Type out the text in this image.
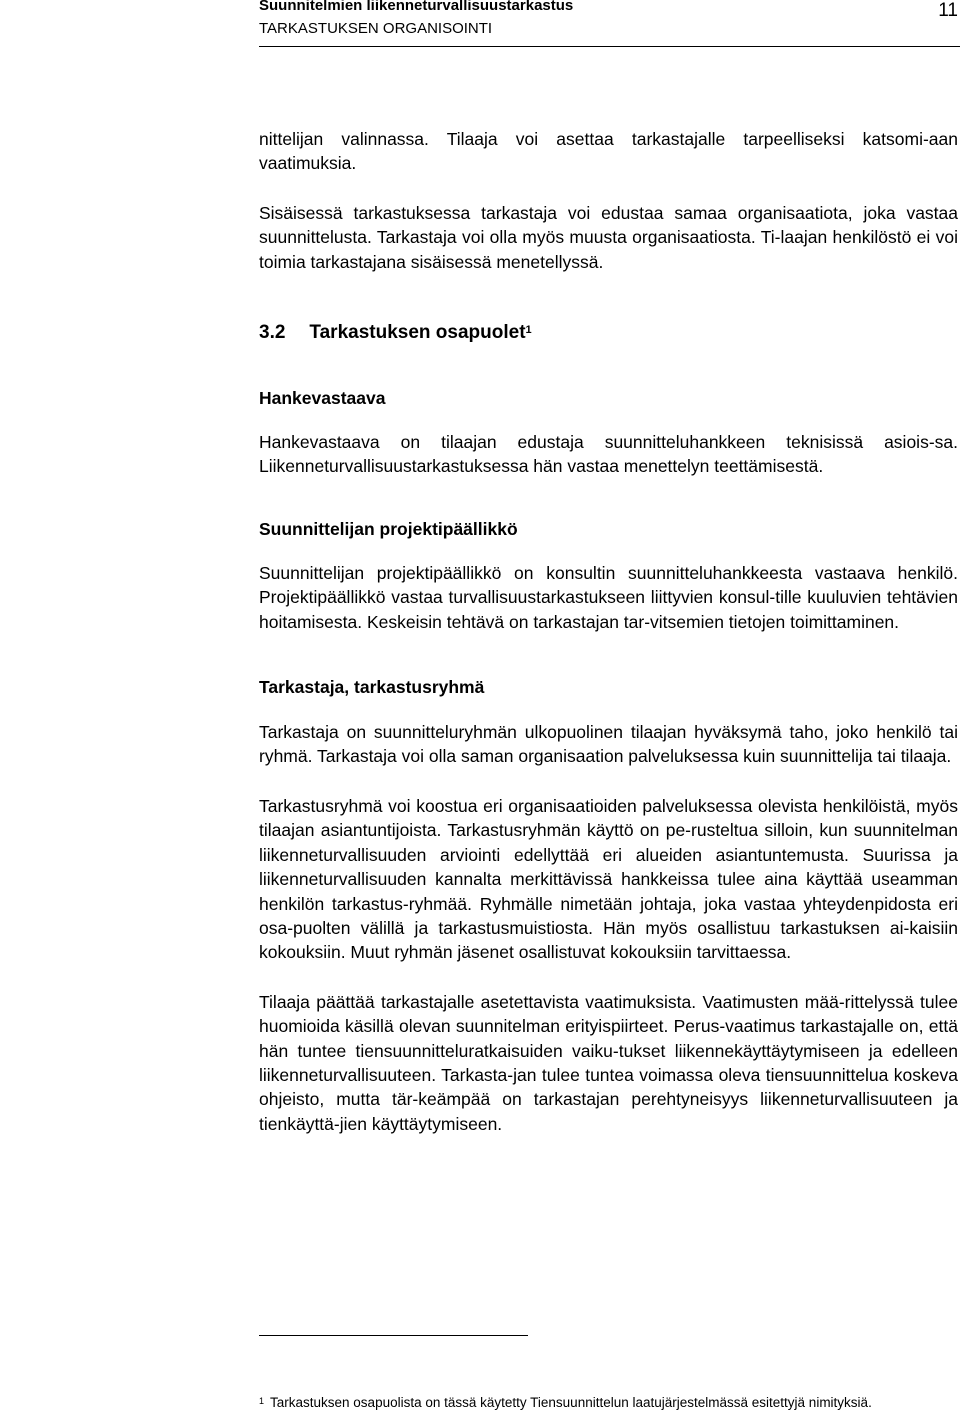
Suunnitelmien liikenneturvallisuustarkastus
TARKASTUKSEN ORGANISOINTI
11

nittelijan valinnassa. Tilaaja voi asettaa tarkastajalle tarpeelliseksi katsomi-aan vaatimuksia.

Sisäisessä tarkastuksessa tarkastaja voi edustaa samaa organisaatiota, joka vastaa suunnittelusta. Tarkastaja voi olla myös muusta organisaatiosta. Ti-laajan henkilöstö ei voi toimia tarkastajana sisäisessä menetellyssä.

3.2 Tarkastuksen osapuolet$^1$
Hankevastaava

Hankevastaava on tilaajan edustaja suunnitteluhankkeen teknisissä asiois-sa. Liikenneturvallisuustarkastuksessa hän vastaa menettelyn teettämisestä.

Suunnittelijan projektipäällikkö

Suunnittelijan projektipäällikkö on konsultin suunnitteluhankkeesta vastaava henkilö. Projektipäällikkö vastaa turvallisuustarkastukseen liittyvien konsul-tille kuuluvien tehtävien hoitamisesta. Keskeisin tehtävä on tarkastajan tar-vitsemien tietojen toimittaminen.

Tarkastaja, tarkastusryhmä

Tarkastaja on suunnitteluryhmän ulkopuolinen tilaajan hyväksymä taho, joko henkilö tai ryhmä. Tarkastaja voi olla saman organisaation palveluksessa kuin suunnittelija tai tilaaja.

Tarkastusryhmä voi koostua eri organisaatioiden palveluksessa olevista henkilöistä, myös tilaajan asiantuntijoista. Tarkastusryhmän käyttö on pe-rusteltua silloin, kun suunnitelman liikenneturvallisuuden arviointi edellyttää eri alueiden asiantuntemusta. Suurissa ja liikenneturvallisuuden kannalta merkittävissä hankkeissa tulee aina käyttää useamman henkilön tarkastus-ryhmää. Ryhmälle nimetään johtaja, joka vastaa yhteydenpidosta eri osa-puolten välillä ja tarkastusmuistiosta. Hän myös osallistuu tarkastuksen ai-kaisiin kokouksiin. Muut ryhmän jäsenet osallistuvat kokouksiin tarvittaessa.

Tilaaja päättää tarkastajalle asetettavista vaatimuksista. Vaatimusten mää-rittelyssä tulee huomioida käsillä olevan suunnitelman erityispiirteet. Perus-vaatimus tarkastajalle on, että hän tuntee tiensuunnitteluratkaisuiden vaiku-tukset liikennekäyttäytymiseen ja edelleen liikenneturvallisuuteen. Tarkasta-jan tulee tuntea voimassa oleva tiensuunnittelua koskeva ohjeisto, mutta tär-keämpää on tarkastajan perehtyneisyys liikenneturvallisuuteen ja tienkäyttä-jien käyttäytymiseen.

$^1$ Tarkastuksen osapuolista on tässä käytetty Tiensuunnittelun laatujärjestelmässä esitettyjä nimityksiä.
